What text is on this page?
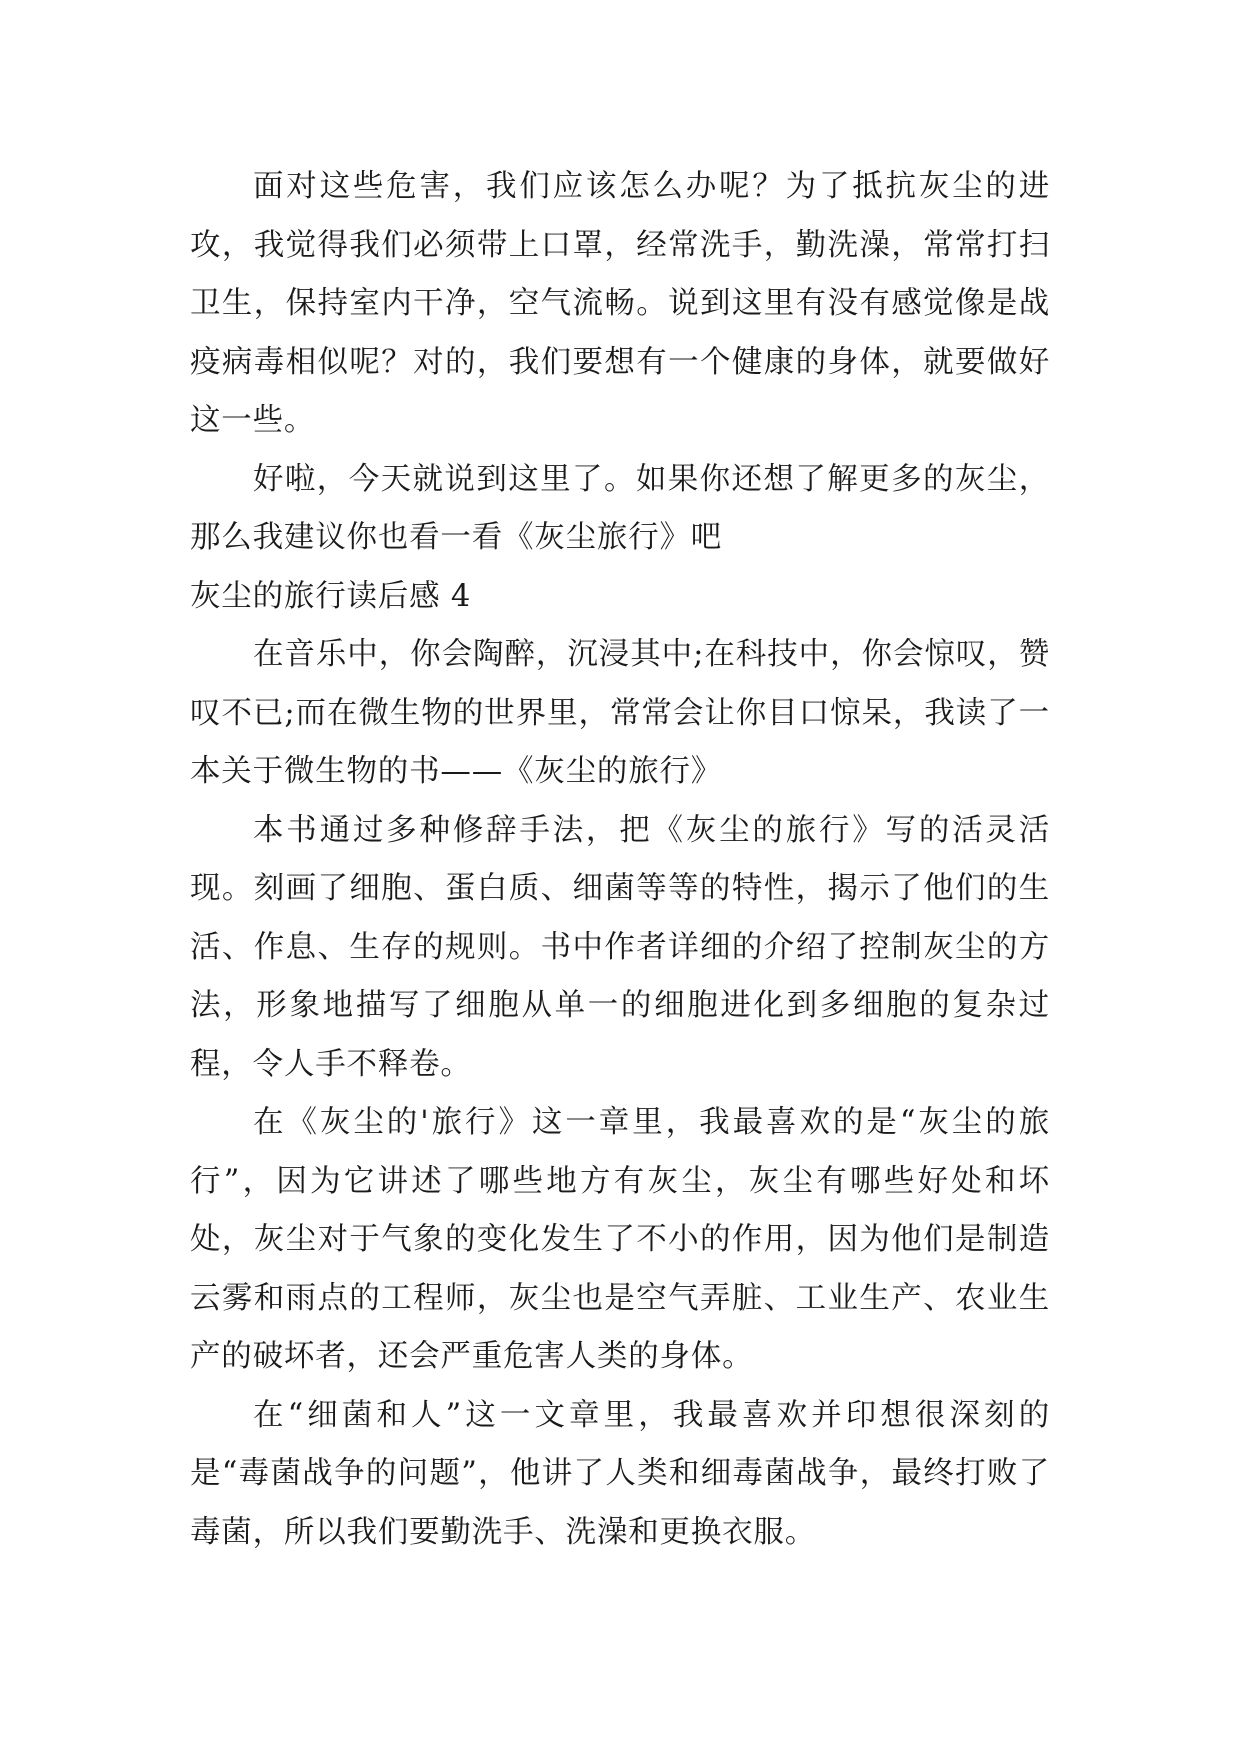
面对这些危害，我们应该怎么办呢？为了抵抗灰尘的进攻，我觉得我们必须带上口罩，经常洗手，勤洗澡，常常打扫卫生，保持室内干净，空气流畅。说到这里有没有感觉像是战疫病毒相似呢？对的，我们要想有一个健康的身体，就要做好这一些。

好啦，今天就说到这里了。如果你还想了解更多的灰尘，那么我建议你也看一看《灰尘旅行》吧

灰尘的旅行读后感 4

在音乐中，你会陶醉，沉浸其中;在科技中，你会惊叹，赞叹不已;而在微生物的世界里，常常会让你目口惊呆，我读了一本关于微生物的书——《灰尘的旅行》

本书通过多种修辞手法，把《灰尘的旅行》写的活灵活现。刻画了细胞、蛋白质、细菌等等的特性，揭示了他们的生活、作息、生存的规则。书中作者详细的介绍了控制灰尘的方法，形象地描写了细胞从单一的细胞进化到多细胞的复杂过程，令人手不释卷。

在《灰尘的'旅行》这一章里，我最喜欢的是“灰尘的旅行”，因为它讲述了哪些地方有灰尘，灰尘有哪些好处和坏处，灰尘对于气象的变化发生了不小的作用，因为他们是制造云雾和雨点的工程师，灰尘也是空气弄脏、工业生产、农业生产的破坏者，还会严重危害人类的身体。

在“细菌和人”这一文章里，我最喜欢并印想很深刻的是“毒菌战争的问题”，他讲了人类和细毒菌战争，最终打败了毒菌，所以我们要勤洗手、洗澡和更换衣服。
